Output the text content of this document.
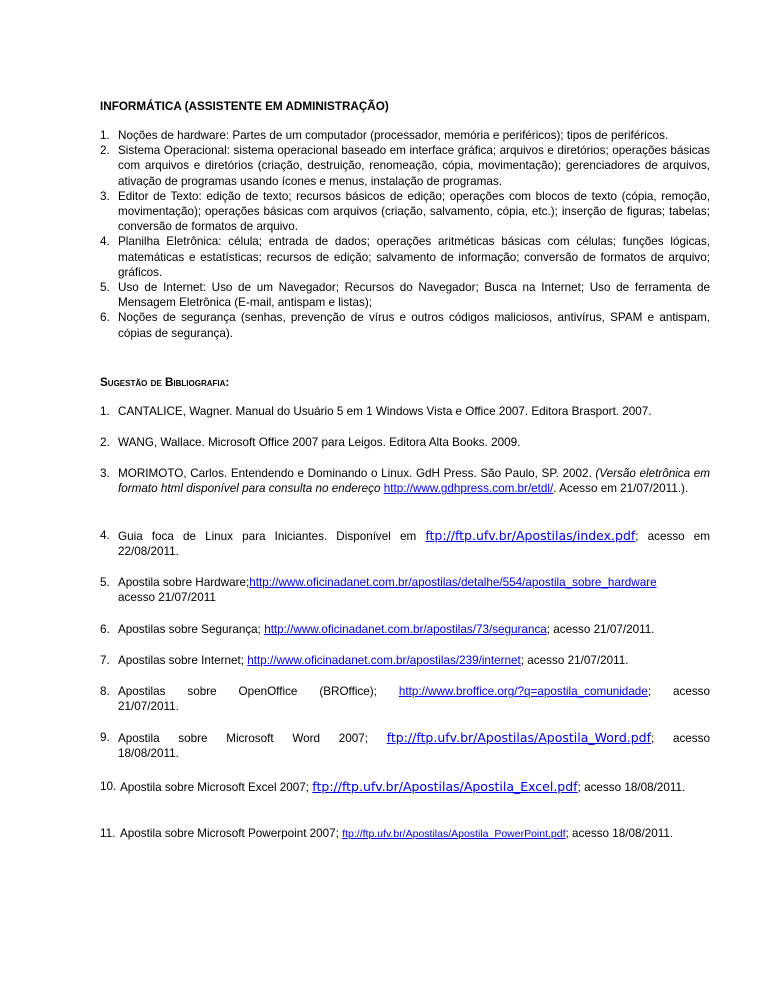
INFORMÁTICA (ASSISTENTE EM ADMINISTRAÇÃO)

1. Noções de hardware: Partes de um computador (processador, memória e periféricos); tipos de periféricos.
2. Sistema Operacional: sistema operacional baseado em interface gráfica; arquivos e diretórios; operações básicas com arquivos e diretórios (criação, destruição, renomeação, cópia, movimentação); gerenciadores de arquivos, ativação de programas usando ícones e menus, instalação de programas.
3. Editor de Texto: edição de texto; recursos básicos de edição; operações com blocos de texto (cópia, remoção, movimentação); operações básicas com arquivos (criação, salvamento, cópia, etc.); inserção de figuras; tabelas; conversão de formatos de arquivo.
4. Planilha Eletrônica: célula; entrada de dados; operações aritméticas básicas com células; funções lógicas, matemáticas e estatísticas; recursos de edição; salvamento de informação; conversão de formatos de arquivo; gráficos.
5. Uso de Internet: Uso de um Navegador; Recursos do Navegador; Busca na Internet; Uso de ferramenta de Mensagem Eletrônica (E-mail, antispam e listas);
6. Noções de segurança (senhas, prevenção de vírus e outros códigos maliciosos, antivírus, SPAM e antispam, cópias de segurança).

Sugestão de Bibliografia:

1. CANTALICE, Wagner. Manual do Usuário 5 em 1 Windows Vista e Office 2007. Editora Brasport. 2007.
2. WANG, Wallace. Microsoft Office 2007 para Leigos. Editora Alta Books. 2009.
3. MORIMOTO, Carlos. Entendendo e Dominando o Linux. GdH Press. São Paulo, SP. 2002. (Versão eletrônica em formato html disponível para consulta no endereço http://www.gdhpress.com.br/etdl/. Acesso em 21/07/2011.).
4. Guia foca de Linux para Iniciantes. Disponível em ftp://ftp.ufv.br/Apostilas/index.pdf; acesso em 22/08/2011.
5. Apostila sobre Hardware;http://www.oficinadanet.com.br/apostilas/detalhe/554/apostila_sobre_hardware
acesso 21/07/2011
6. Apostilas sobre Segurança; http://www.oficinadanet.com.br/apostilas/73/seguranca; acesso 21/07/2011.
7. Apostilas sobre Internet; http://www.oficinadanet.com.br/apostilas/239/internet; acesso 21/07/2011.
8. Apostilas sobre OpenOffice (BROffice); http://www.broffice.org/?q=apostila_comunidade; acesso 21/07/2011.
9. Apostila sobre Microsoft Word 2007; ftp://ftp.ufv.br/Apostilas/Apostila_Word.pdf; acesso 18/08/2011.
10. Apostila sobre Microsoft Excel 2007; ftp://ftp.ufv.br/Apostilas/Apostila_Excel.pdf; acesso 18/08/2011.
11. Apostila sobre Microsoft Powerpoint 2007; ftp://ftp.ufv.br/Apostilas/Apostila_PowerPoint.pdf; acesso 18/08/2011.
